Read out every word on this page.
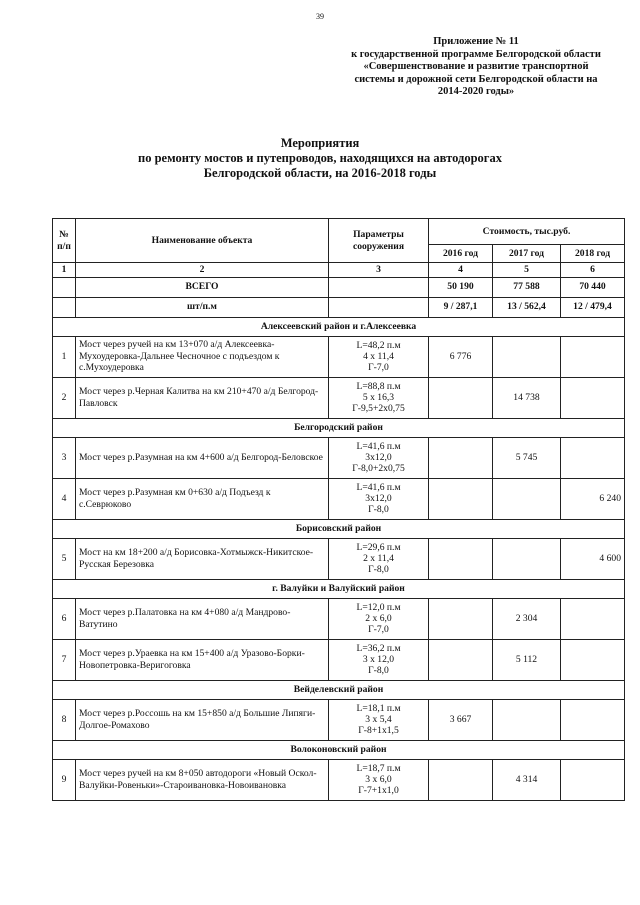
39
Приложение № 11
к государственной программе Белгородской области
«Совершенствование и развитие транспортной
системы и дорожной сети Белгородской области на
2014-2020 годы»
Мероприятия
по ремонту мостов и путепроводов, находящихся на автодорогах
Белгородской области, на 2016-2018 годы
№ п/п	Наименование объекта	Параметры сооружения	Стоимость, тыс.руб.		
			2016 год	2017 год	2018 год
1	2	3	4	5	6
	ВСЕГО		50 190	77 588	70 440
	шт/п.м		9 / 287,1	13 / 562,4	12 / 479,4
Алексеевский район и г.Алексеевка					
1	Мост через ручей на км 13+070 а/д Алексеевка-Мухоудеровка-Дальнее Чесночное с подъездом к с.Мухоудеровка	L=48,2 п.м
4 х 11,4
Г-7,0	6 776		
2	Мост через р.Черная Калитва на км 210+470 а/д Белгород-Павловск	L=88,8 п.м
5 х 16,3
Г-9,5+2х0,75		14 738	
Белгородский район					
3	Мост через р.Разумная на км 4+600 а/д Белгород-Беловское	L=41,6 п.м
3х12,0
Г-8,0+2х0,75		5 745	
4	Мост через р.Разумная км 0+630 а/д Подъезд к с.Севрюково	L=41,6 п.м
3х12,0
Г-8,0			6 240
Борисовский район					
5	Мост на км 18+200 а/д Борисовка-Хотмыжск-Никитское-Русская Березовка	L=29,6 п.м
2 х 11,4
Г-8,0			4 600
г. Валуйки и Валуйский район					
6	Мост через р.Палатовка на км 4+080 а/д Мандрово-Ватутино	L=12,0 п.м
2 х 6,0
Г-7,0		2 304	
7	Мост через р.Ураевка на км 15+400 а/д Уразово-Борки-Новопетровка-Веригоговка	L=36,2 п.м
3 х 12,0
Г-8,0		5 112	
Вейделевский район					
8	Мост через р.Россошь на км 15+850 а/д Большие Липяги-Долгое-Ромахово	L=18,1 п.м
3 х 5,4
Г-8+1х1,5	3 667		
Волоконовский район					
9	Мост через ручей на км 8+050 автодороги «Новый Оскол-Валуйки-Ровеньки»-Староивановка-Новоивановка	L=18,7 п.м
3 х 6,0
Г-7+1х1,0		4 314	
